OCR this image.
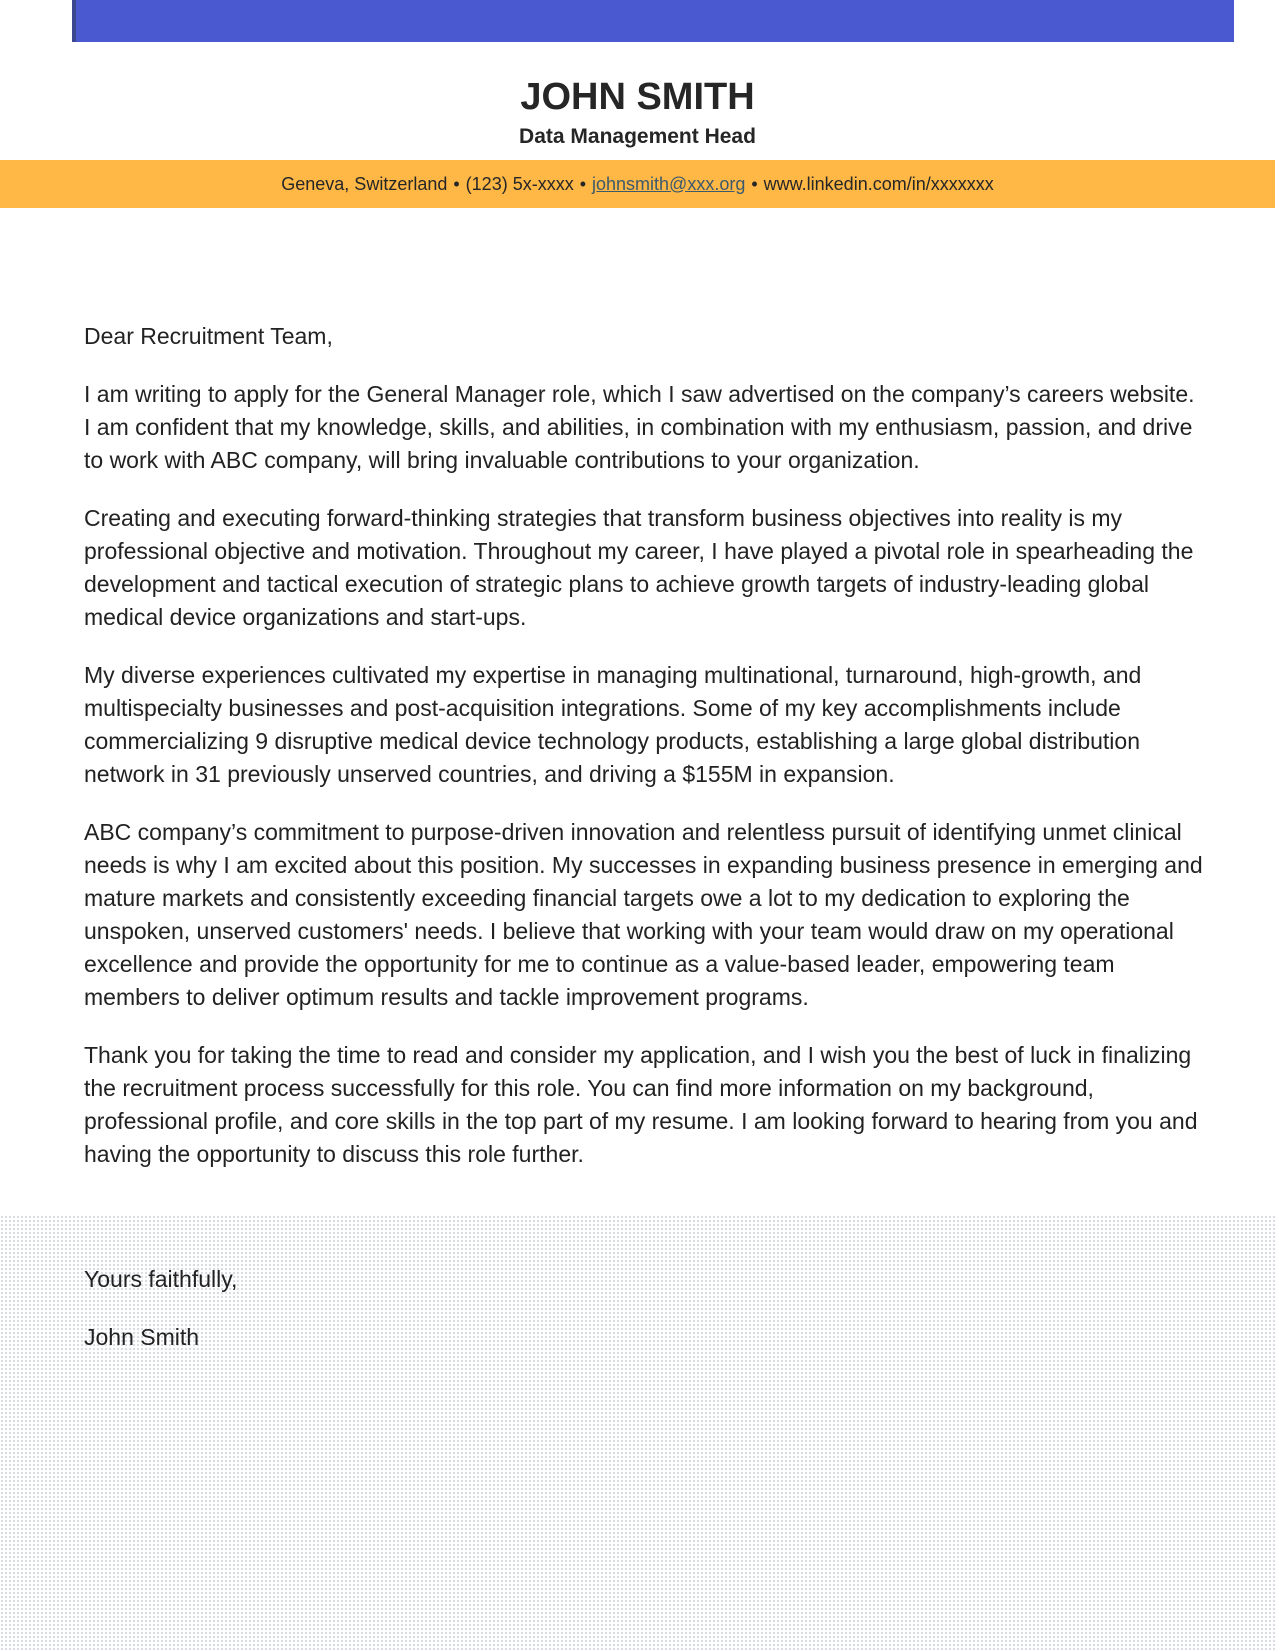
JOHN SMITH
Data Management Head
Geneva, Switzerland • (123) 5x-xxxx • johnsmith@xxx.org • www.linkedin.com/in/xxxxxxx

Dear Recruitment Team,

I am writing to apply for the General Manager role, which I saw advertised on the company’s careers website. I am confident that my knowledge, skills, and abilities, in combination with my enthusiasm, passion, and drive to work with ABC company, will bring invaluable contributions to your organization.

Creating and executing forward-thinking strategies that transform business objectives into reality is my professional objective and motivation. Throughout my career, I have played a pivotal role in spearheading the development and tactical execution of strategic plans to achieve growth targets of industry-leading global medical device organizations and start-ups.

My diverse experiences cultivated my expertise in managing multinational, turnaround, high-growth, and multispecialty businesses and post-acquisition integrations. Some of my key accomplishments include commercializing 9 disruptive medical device technology products, establishing a large global distribution network in 31 previously unserved countries, and driving a $155M in expansion.

ABC company’s commitment to purpose-driven innovation and relentless pursuit of identifying unmet clinical needs is why I am excited about this position. My successes in expanding business presence in emerging and mature markets and consistently exceeding financial targets owe a lot to my dedication to exploring the unspoken, unserved customers' needs. I believe that working with your team would draw on my operational excellence and provide the opportunity for me to continue as a value-based leader, empowering team members to deliver optimum results and tackle improvement programs.

Thank you for taking the time to read and consider my application, and I wish you the best of luck in finalizing the recruitment process successfully for this role. You can find more information on my background, professional profile, and core skills in the top part of my resume. I am looking forward to hearing from you and having the opportunity to discuss this role further.

Yours faithfully,

John Smith
